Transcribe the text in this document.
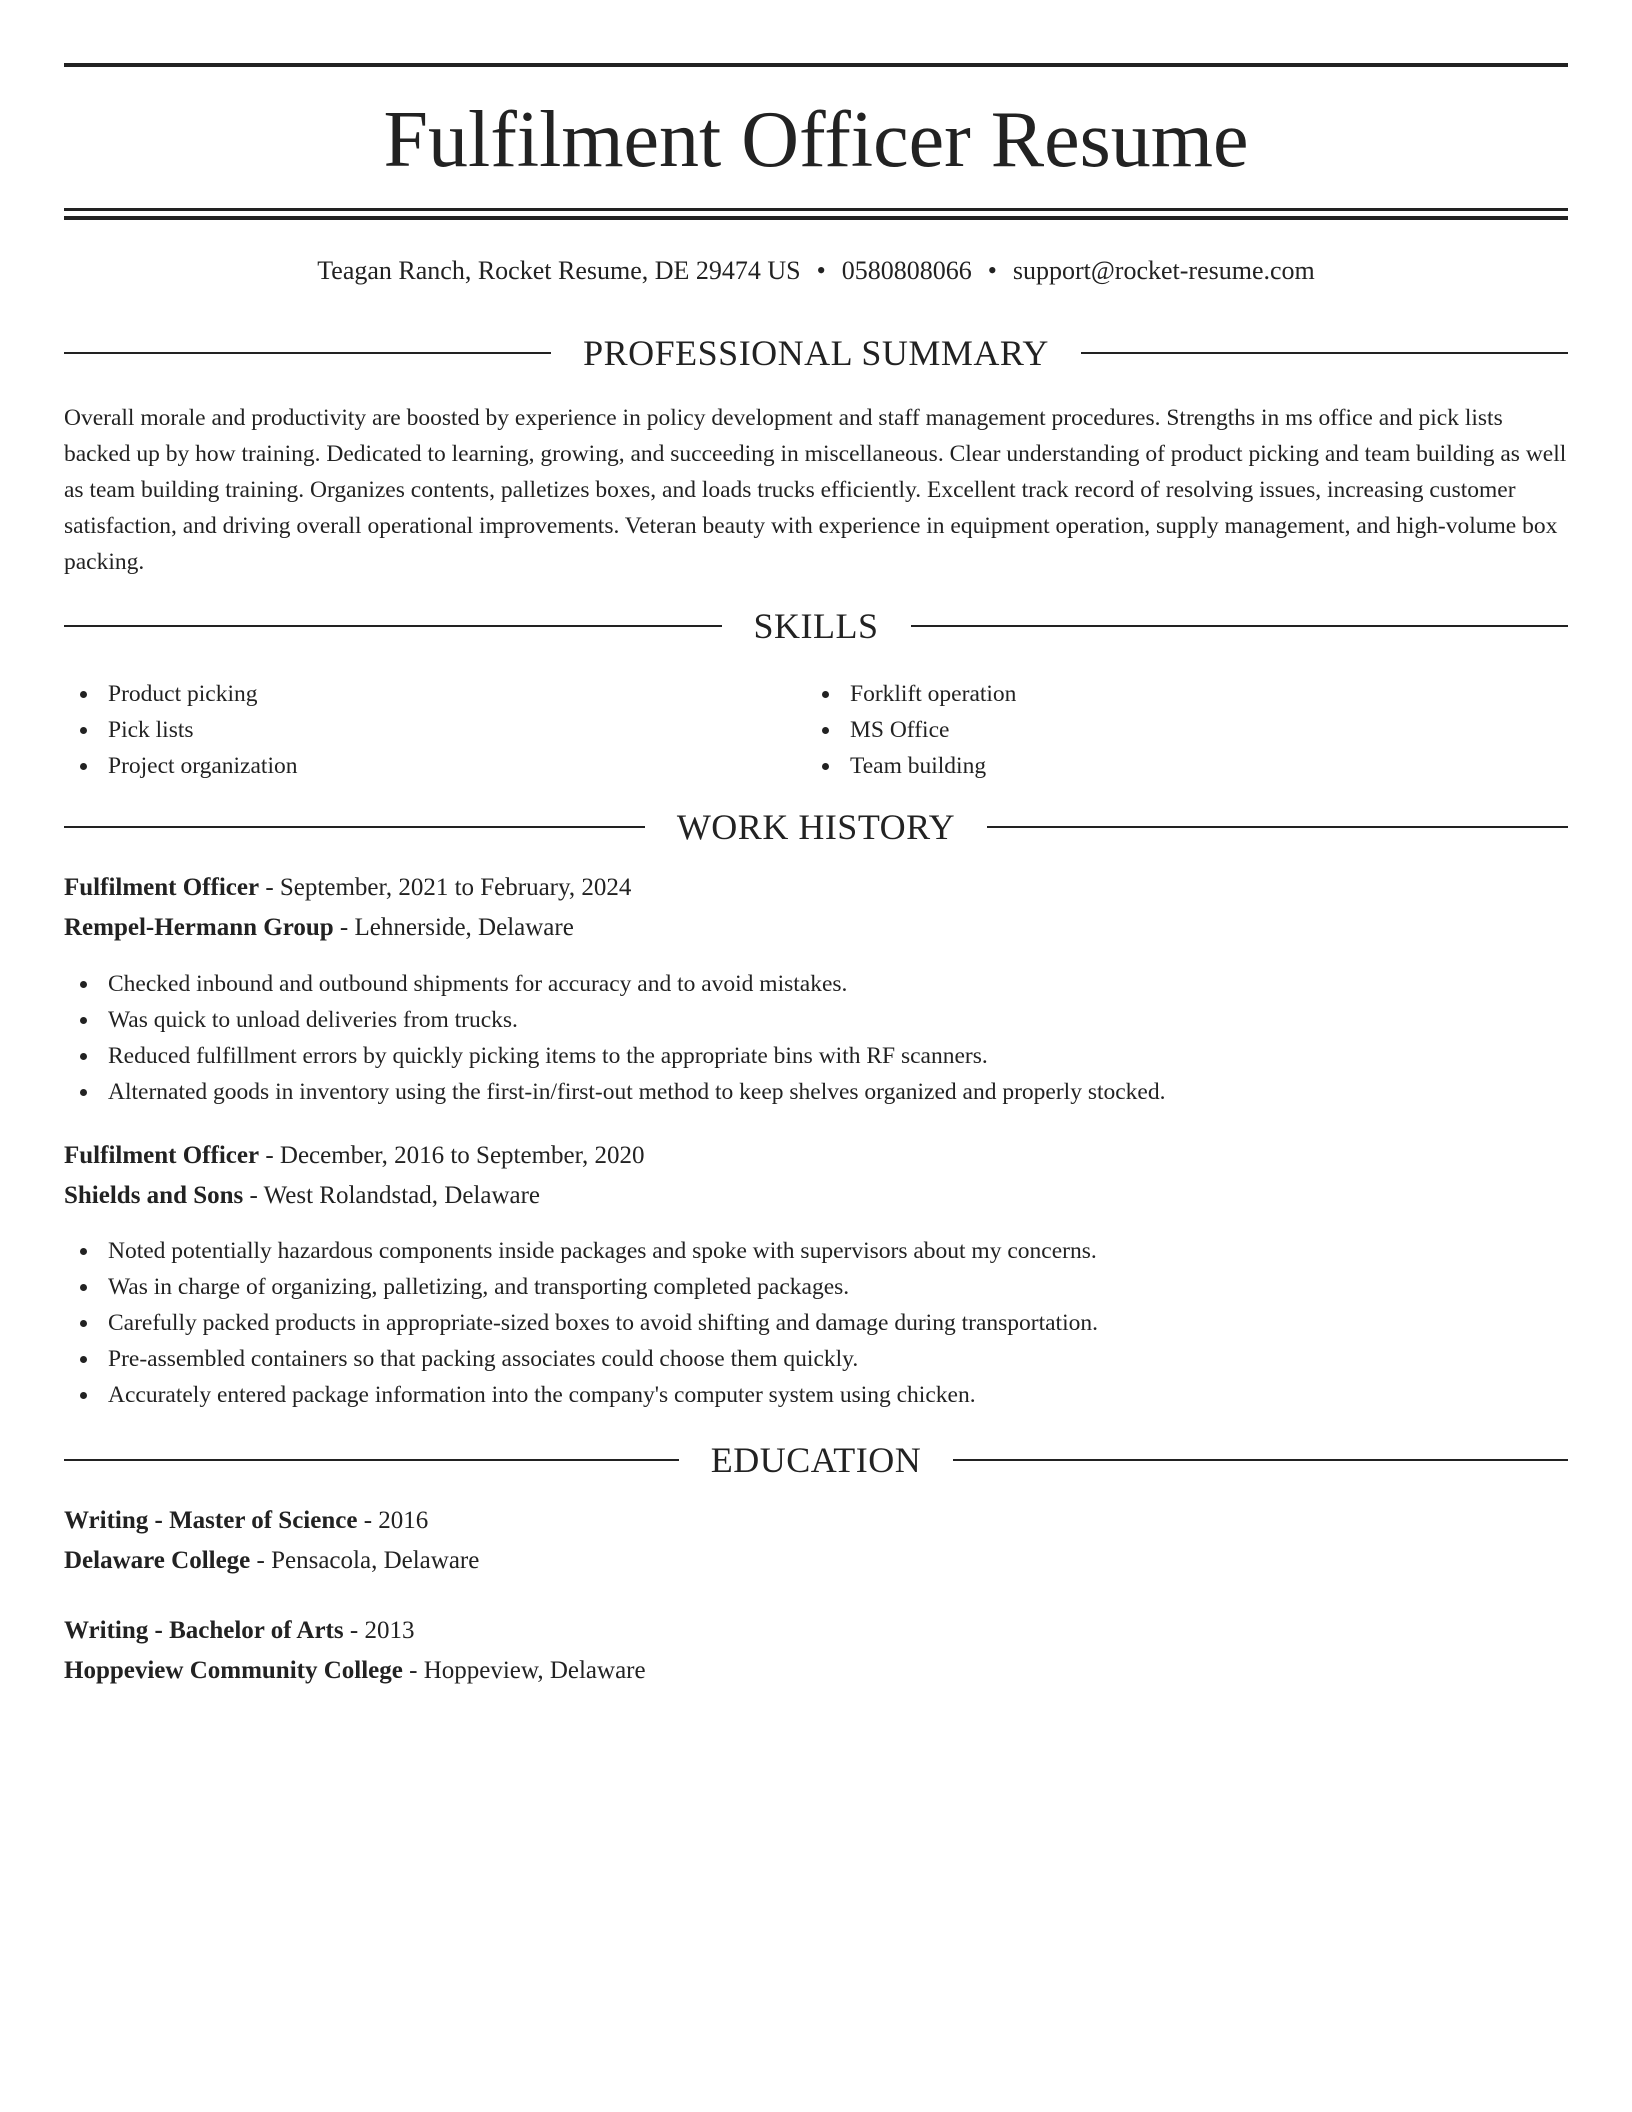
Fulfilment Officer Resume
Teagan Ranch, Rocket Resume, DE 29474 US • 0580808066 • support@rocket-resume.com
PROFESSIONAL SUMMARY

Overall morale and productivity are boosted by experience in policy development and staff management procedures. Strengths in ms office and pick lists backed up by how training. Dedicated to learning, growing, and succeeding in miscellaneous. Clear understanding of product picking and team building as well as team building training. Organizes contents, palletizes boxes, and loads trucks efficiently. Excellent track record of resolving issues, increasing customer satisfaction, and driving overall operational improvements. Veteran beauty with experience in equipment operation, supply management, and high-volume box packing.

SKILLS
Product picking
Pick lists
Project organization
Forklift operation
MS Office
Team building
WORK HISTORY
Fulfilment Officer - September, 2021 to February, 2024
Rempel-Hermann Group - Lehnerside, Delaware
Checked inbound and outbound shipments for accuracy and to avoid mistakes.
Was quick to unload deliveries from trucks.
Reduced fulfillment errors by quickly picking items to the appropriate bins with RF scanners.
Alternated goods in inventory using the first-in/first-out method to keep shelves organized and properly stocked.
Fulfilment Officer - December, 2016 to September, 2020
Shields and Sons - West Rolandstad, Delaware
Noted potentially hazardous components inside packages and spoke with supervisors about my concerns.
Was in charge of organizing, palletizing, and transporting completed packages.
Carefully packed products in appropriate-sized boxes to avoid shifting and damage during transportation.
Pre-assembled containers so that packing associates could choose them quickly.
Accurately entered package information into the company's computer system using chicken.
EDUCATION
Writing - Master of Science - 2016
Delaware College - Pensacola, Delaware
Writing - Bachelor of Arts - 2013
Hoppeview Community College - Hoppeview, Delaware
